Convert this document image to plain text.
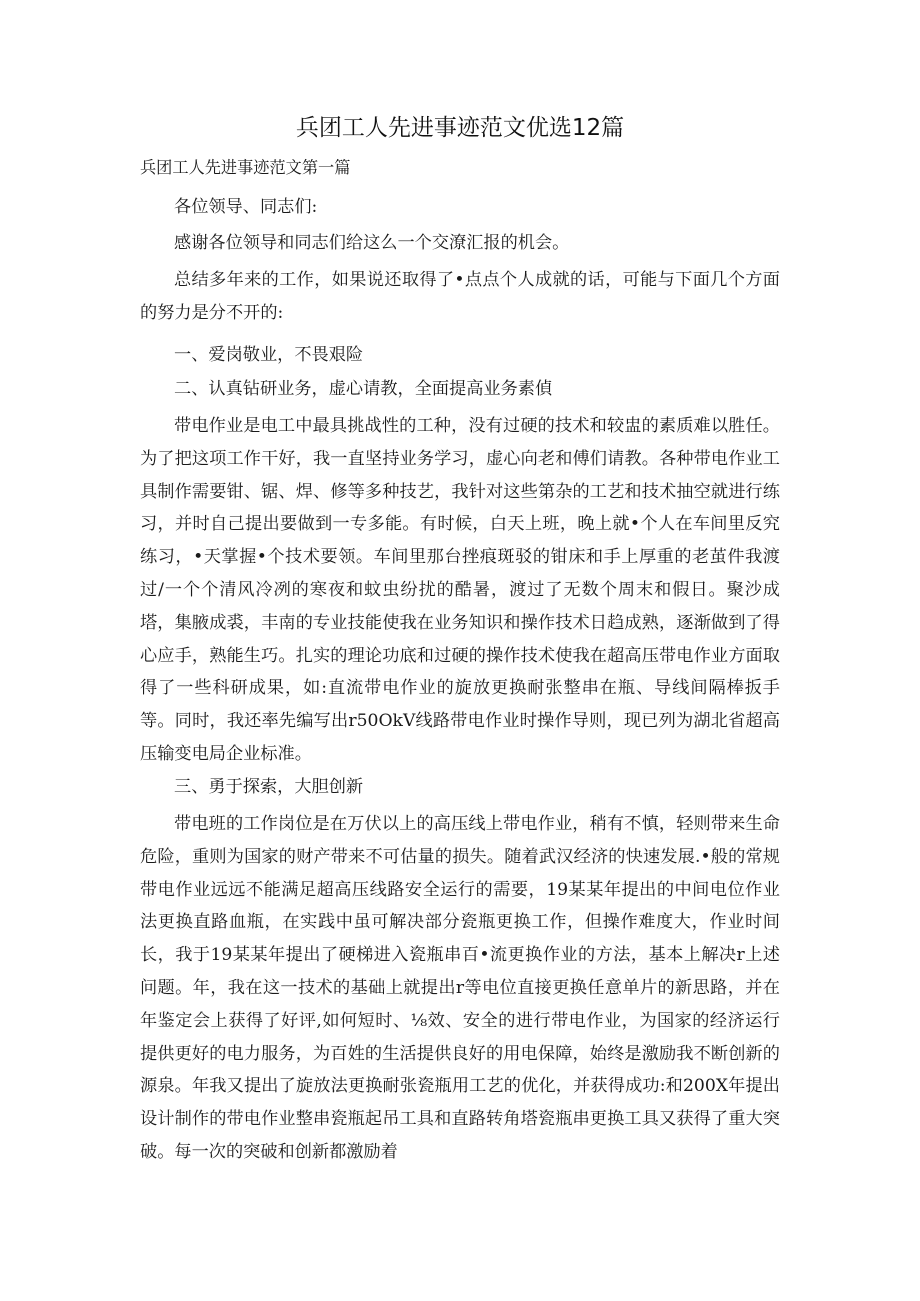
兵团工人先进事迹范文优选12篇

兵团工人先进事迹范文第一篇

各位领导、同志们:

感谢各位领导和同志们给这么一个交潦汇报的机会。

总结多年来的工作，如果说还取得了•点点个人成就的话，可能与下面几个方面的努力是分不开的:

一、爱岗敬业，不畏艰险

二、认真钻研业务，虚心请教，全面提高业务素偵

带电作业是电工中最具挑战性的工种，没有过硬的技术和较盅的素质难以胜任。为了把这项工作干好，我一直坚持业务学习，虚心向老和傅们请教。各种带电作业工具制作需要钳、锯、焊、修等多种技艺，我针对这些第杂的工艺和技术抽空就进行练习，并时自己提出要做到一专多能。有时候，白天上班，晚上就•个人在车间里反究练习，•天掌握•个技术要领。车间里那台挫痕斑驳的钳床和手上厚重的老茧件我渡过/一个个清风冷冽的寒夜和蚊虫纷扰的酷暑，渡过了无数个周末和假日。聚沙成塔，集腋成裘，丰南的专业技能使我在业务知识和操作技术日趋成熟，逐渐做到了得心应手，熟能生巧。扎实的理论功底和过硬的操作技术使我在超高压带电作业方面取得了一些科研成果，如:直流带电作业的旋放更换耐张整串在瓶、导线间隔棒扳手等。同时，我还率先编写出r50OkV线路带电作业时操作导则，现已列为湖北省超高压输变电局企业标准。

三、勇于探索，大胆创新

带电班的工作岗位是在万伏以上的高压线上带电作业，稍有不慎，轻则带来生命危险，重则为国家的财产带来不可估量的损失。随着武汉经济的快速发展.•般的常规带电作业远远不能满足超高压线路安全运行的需要，19某某年提出的中间电位作业法更换直路血瓶，在实践中虽可解决部分瓷瓶更换工作，但操作难度大，作业时间长，我于19某某年提出了硬梯进入瓷瓶串百•流更换作业的方法，基本上解决r上述问题。年，我在这一技术的基础上就提出r等电位直接更换任意单片的新思路，并在年鉴定会上获得了好评,如何短时、⅛效、安全的进行带电作业，为国家的经济运行提供更好的电力服务，为百姓的生活提供良好的用电保障，始终是激励我不断创新的源泉。年我又提出了旋放法更换耐张瓷瓶用工艺的优化，并获得成功:和200X年提出设计制作的带电作业整串瓷瓶起吊工具和直路转角塔瓷瓶串更换工具又获得了重大突破。每一次的突破和创新都激励着
